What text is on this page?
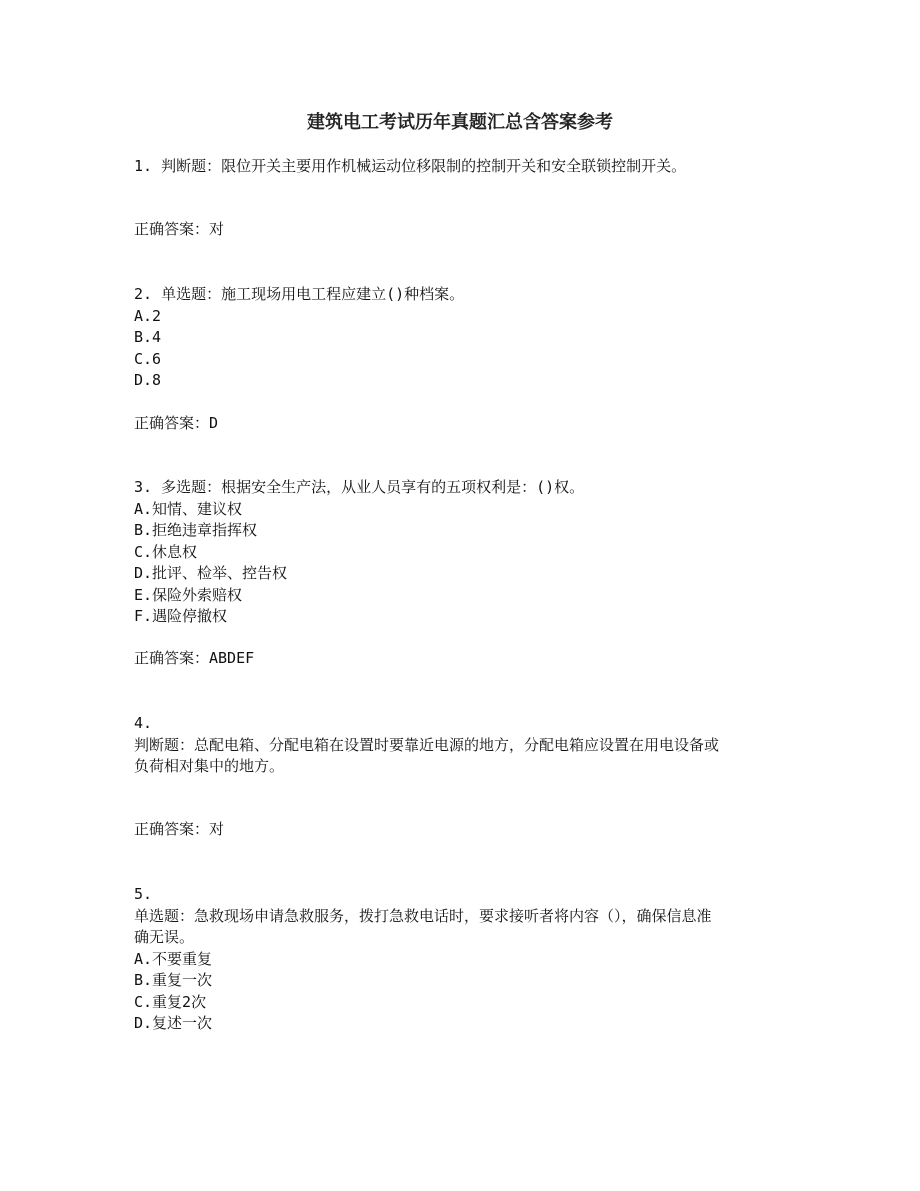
建筑电工考试历年真题汇总含答案参考
1. 判断题：限位开关主要用作机械运动位移限制的控制开关和安全联锁控制开关。
正确答案：对
2. 单选题：施工现场用电工程应建立()种档案。
A.2
B.4
C.6
D.8
正确答案：D
3. 多选题：根据安全生产法，从业人员享有的五项权利是：()权。
A.知情、建议权
B.拒绝违章指挥权
C.休息权
D.批评、检举、控告权
E.保险外索赔权
F.遇险停撤权
正确答案：ABDEF
4.
判断题：总配电箱、分配电箱在设置时要靠近电源的地方，分配电箱应设置在用电设备或
负荷相对集中的地方。
正确答案：对
5.
单选题：急救现场申请急救服务，拨打急救电话时，要求接听者将内容（），确保信息准
确无误。
A.不要重复
B.重复一次
C.重复2次
D.复述一次
